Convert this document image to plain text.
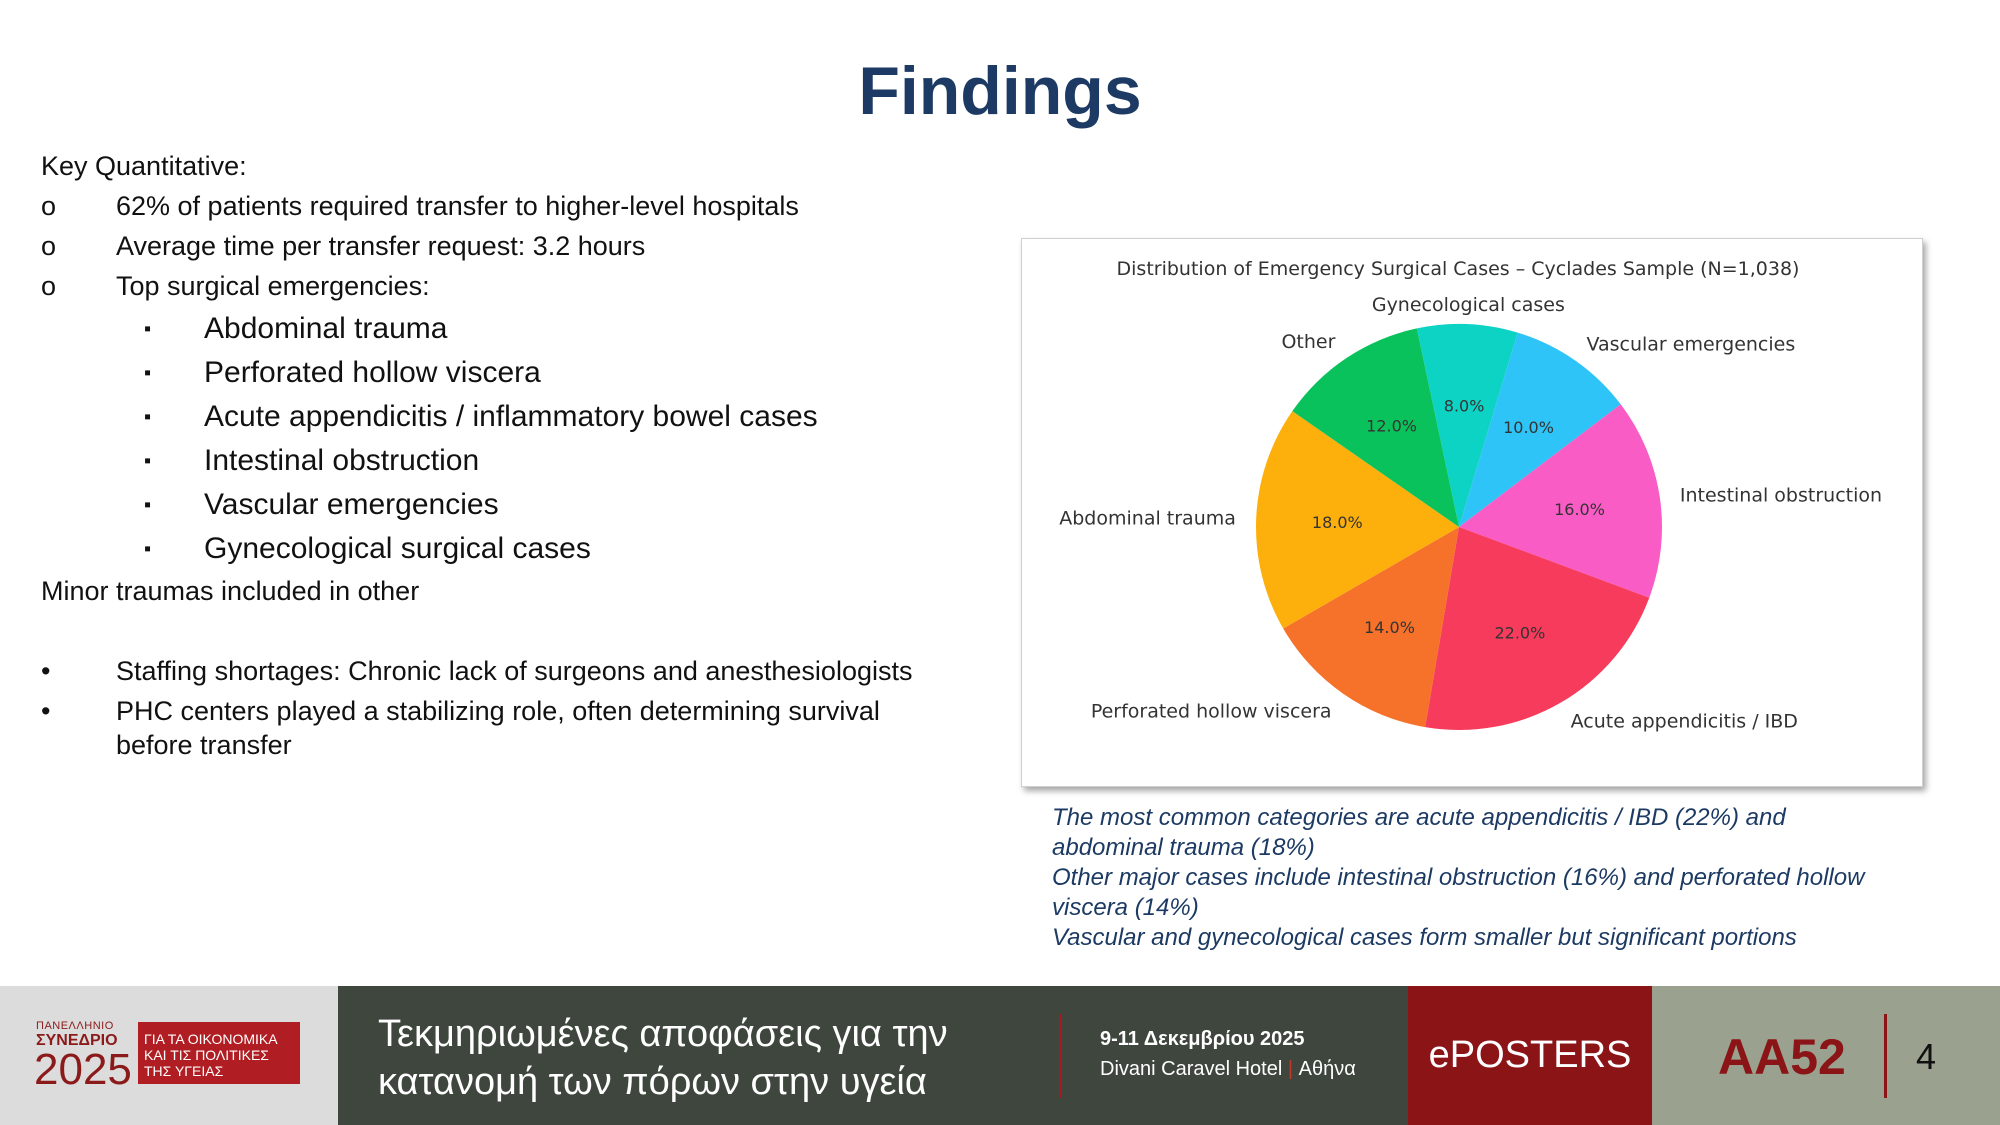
Findings
Key Quantitative:
o 62% of patients required transfer to higher-level hospitals
o Average time per transfer request: 3.2 hours
o Top surgical emergencies:
▪ Abdominal trauma
▪ Perforated hollow viscera
▪ Acute appendicitis / inflammatory bowel cases
▪ Intestinal obstruction
▪ Vascular emergencies
▪ Gynecological surgical cases
Minor traumas included in other
• Staffing shortages: Chronic lack of surgeons and anesthesiologists
• PHC centers played a stabilizing role, often determining survival
before transfer
Distribution of Emergency Surgical Cases – Cyclades Sample (N=1,038)
8.0%
Gynecological cases
10.0%
Vascular emergencies
16.0%
Intestinal obstruction
22.0%
Acute appendicitis / IBD
14.0%
Perforated hollow viscera
18.0%
Abdominal trauma
12.0%
Other
The most common categories are acute appendicitis / IBD (22%) and
abdominal trauma (18%)
Other major cases include intestinal obstruction (16%) and perforated hollow
viscera (14%)
Vascular and gynecological cases form smaller but significant portions
ΠΑΝΕΛΛΗΝΙΟ
ΣΥΝΕΔΡΙΟ
2025
ΓΙΑ ΤΑ ΟΙΚΟΝΟΜΙΚΑ
ΚΑΙ ΤΙΣ ΠΟΛΙΤΙΚΕΣ
ΤΗΣ ΥΓΕΙΑΣ
Τεκμηριωμένες αποφάσεις για την
κατανομή των πόρων στην υγεία
9-11 Δεκεμβρίου 2025
Divani Caravel Hotel | Αθήνα	ePOSTERS	AA52 4
